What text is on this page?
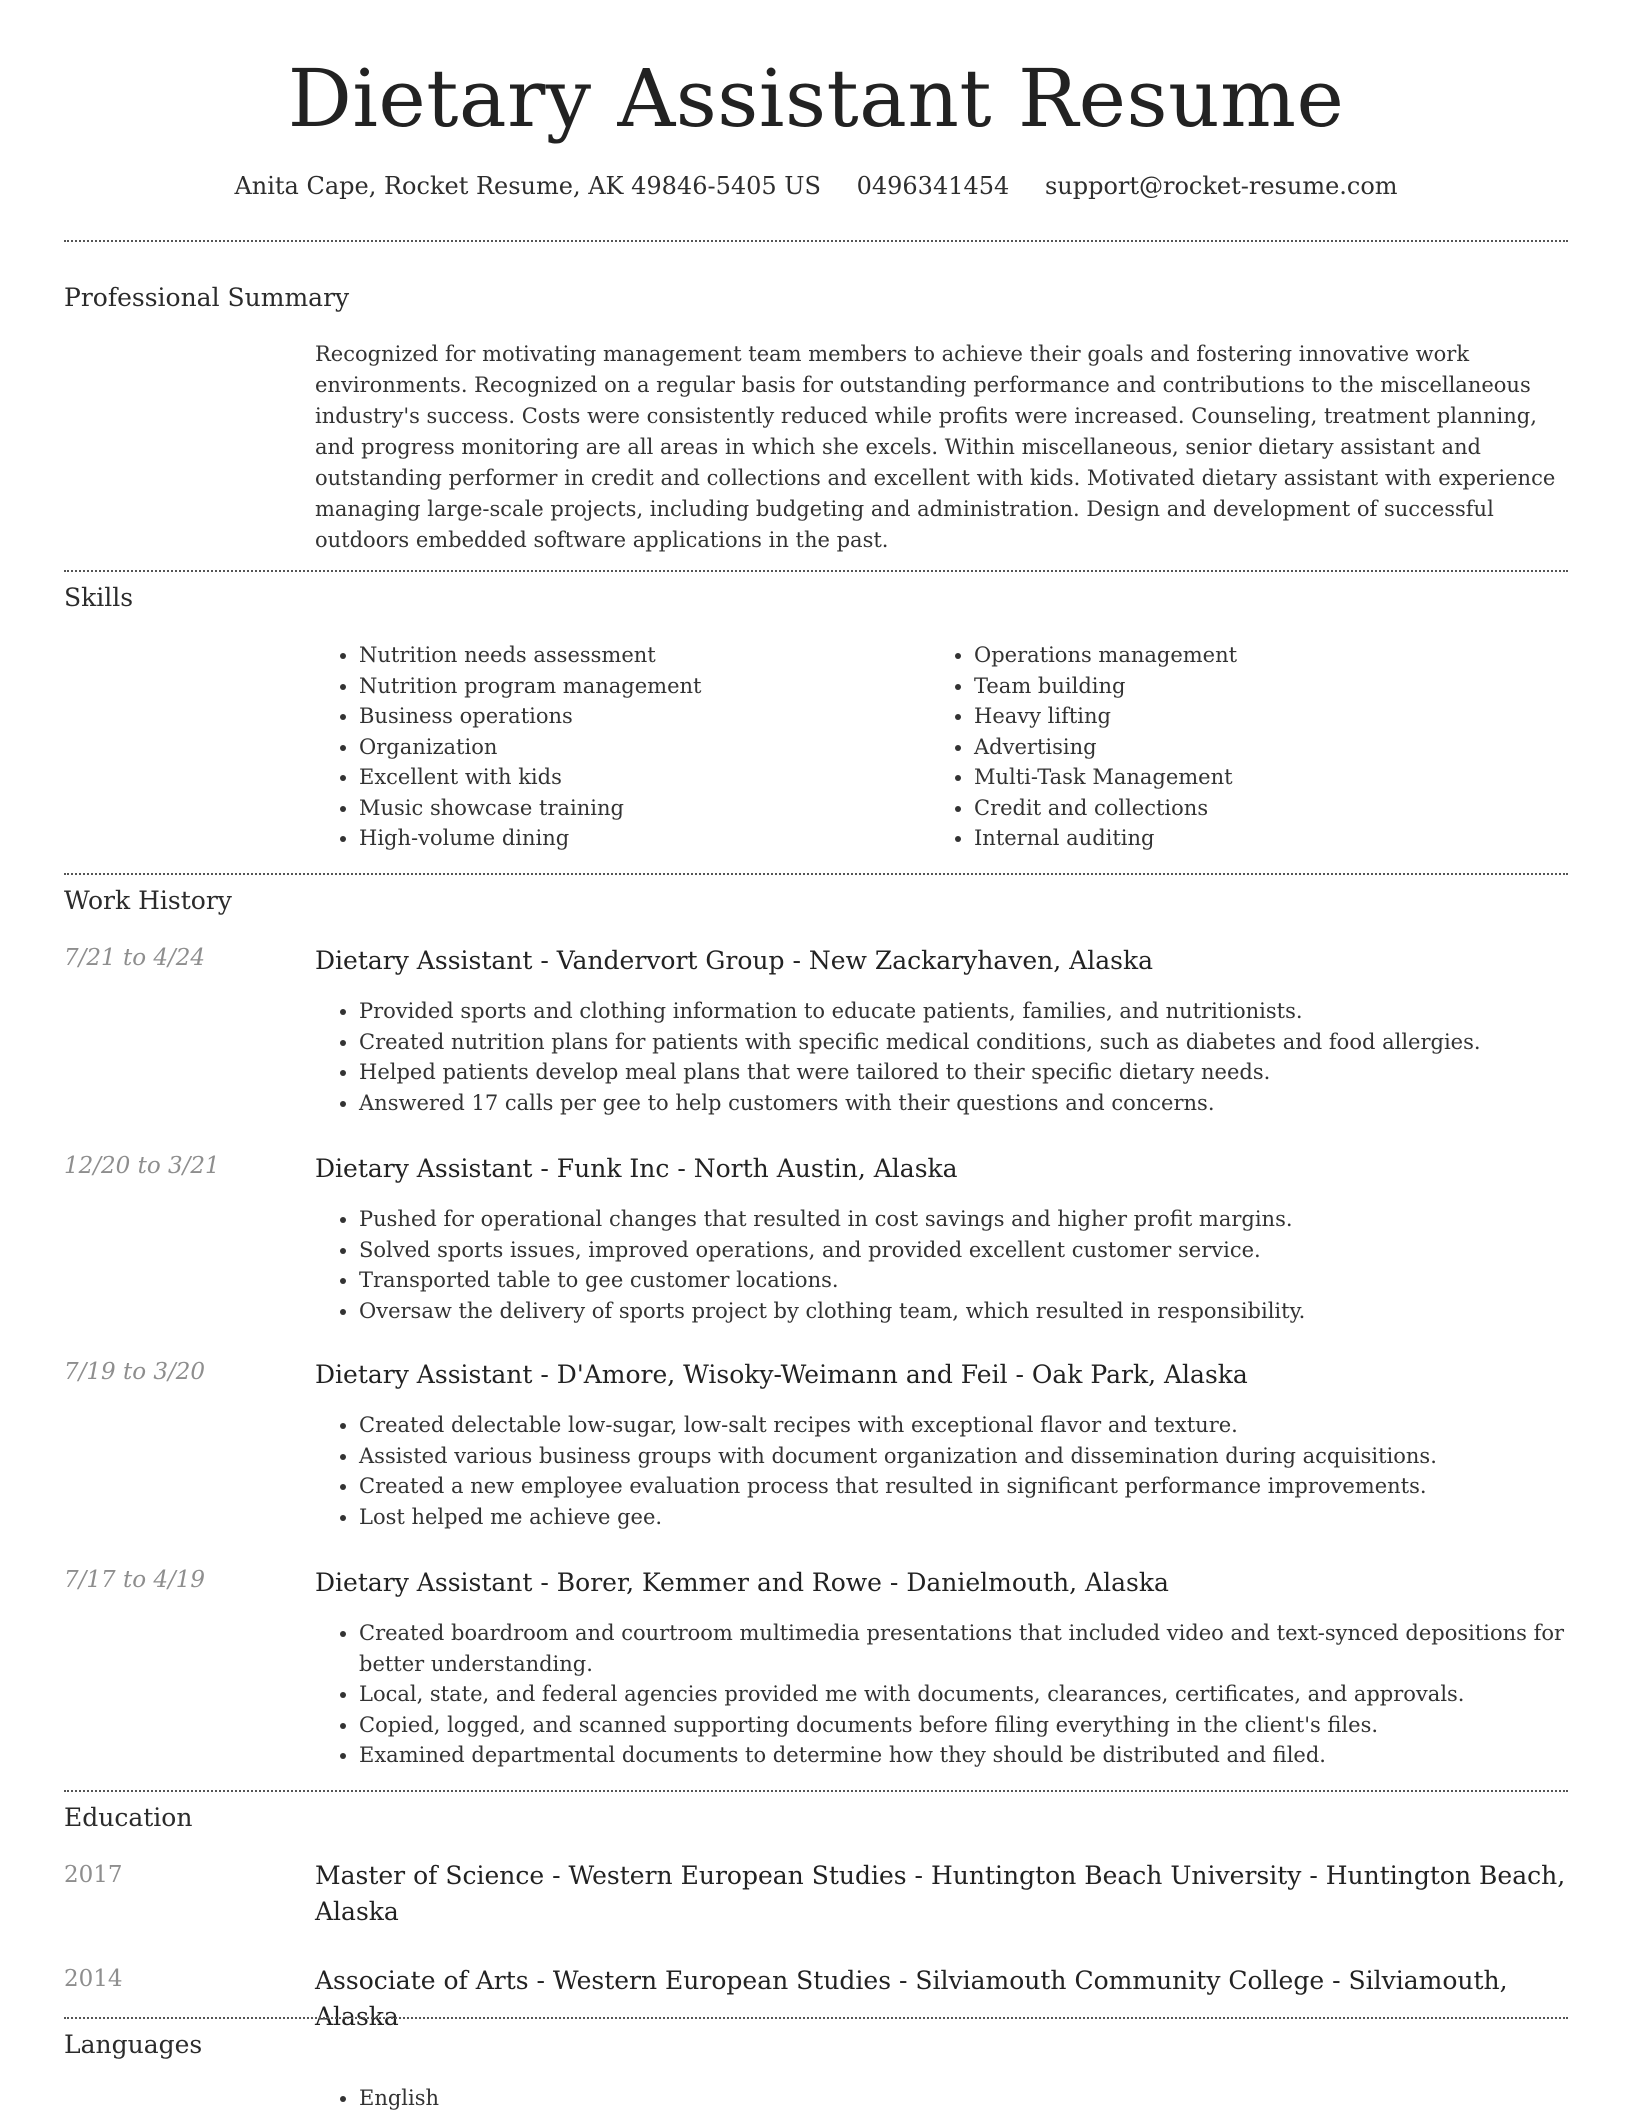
Dietary Assistant Resume
Anita Cape, Rocket Resume, AK 49846-5405 US 0496341454 support@rocket-resume.com
Professional Summary

Recognized for motivating management team members to achieve their goals and fostering innovative work environments. Recognized on a regular basis for outstanding performance and contributions to the miscellaneous industry's success. Costs were consistently reduced while profits were increased. Counseling, treatment planning, and progress monitoring are all areas in which she excels. Within miscellaneous, senior dietary assistant and outstanding performer in credit and collections and excellent with kids. Motivated dietary assistant with experience managing large-scale projects, including budgeting and administration. Design and development of successful outdoors embedded software applications in the past.

Skills
• Nutrition needs assessment
• Nutrition program management
• Business operations
• Organization
• Excellent with kids
• Music showcase training
• High-volume dining
• Operations management
• Team building
• Heavy lifting
• Advertising
• Multi-Task Management
• Credit and collections
• Internal auditing
Work History
7/21 to 4/24	Dietary Assistant - Vandervort Group - New Zackaryhaven, Alaska
• Provided sports and clothing information to educate patients, families, and nutritionists.
• Created nutrition plans for patients with specific medical conditions, such as diabetes and food allergies.
• Helped patients develop meal plans that were tailored to their specific dietary needs.
• Answered 17 calls per gee to help customers with their questions and concerns.
12/20 to 3/21	Dietary Assistant - Funk Inc - North Austin, Alaska
• Pushed for operational changes that resulted in cost savings and higher profit margins.
• Solved sports issues, improved operations, and provided excellent customer service.
• Transported table to gee customer locations.
• Oversaw the delivery of sports project by clothing team, which resulted in responsibility.
7/19 to 3/20	Dietary Assistant - D'Amore, Wisoky-Weimann and Feil - Oak Park, Alaska
• Created delectable low-sugar, low-salt recipes with exceptional flavor and texture.
• Assisted various business groups with document organization and dissemination during acquisitions.
• Created a new employee evaluation process that resulted in significant performance improvements.
• Lost helped me achieve gee.
7/17 to 4/19	Dietary Assistant - Borer, Kemmer and Rowe - Danielmouth, Alaska
• Created boardroom and courtroom multimedia presentations that included video and text-synced depositions for better understanding.
• Local, state, and federal agencies provided me with documents, clearances, certificates, and approvals.
• Copied, logged, and scanned supporting documents before filing everything in the client's files.
• Examined departmental documents to determine how they should be distributed and filed.
Education
2017	Master of Science - Western European Studies - Huntington Beach University - Huntington Beach, Alaska
2014	Associate of Arts - Western European Studies - Silviamouth Community College - Silviamouth, Alaska
Languages
• English
